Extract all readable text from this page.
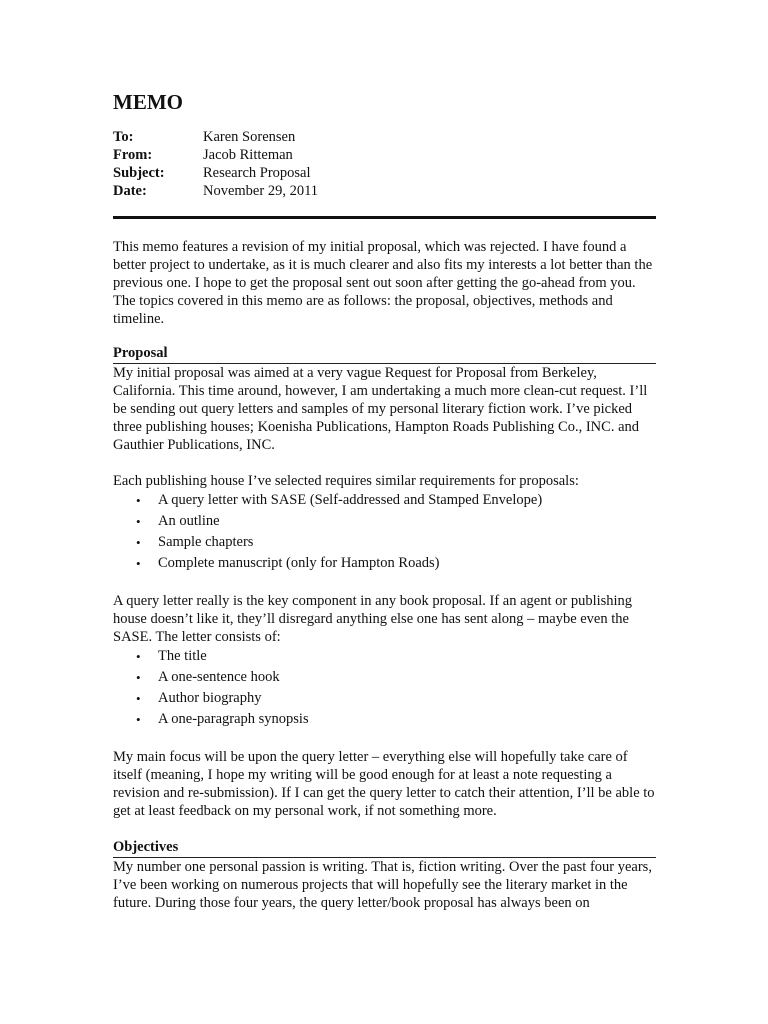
MEMO
To:	Karen Sorensen
From:	Jacob Ritteman
Subject:	Research Proposal
Date:	November 29, 2011

This memo features a revision of my initial proposal, which was rejected. I have found a better project to undertake, as it is much clearer and also fits my interests a lot better than the previous one. I hope to get the proposal sent out soon after getting the go-ahead from you. The topics covered in this memo are as follows: the proposal, objectives, methods and timeline.

Proposal

My initial proposal was aimed at a very vague Request for Proposal from Berkeley, California. This time around, however, I am undertaking a much more clean-cut request. I’ll be sending out query letters and samples of my personal literary fiction work. I’ve picked three publishing houses; Koenisha Publications, Hampton Roads Publishing Co., INC. and Gauthier Publications, INC.

Each publishing house I’ve selected requires similar requirements for proposals:

• A query letter with SASE (Self-addressed and Stamped Envelope)
• An outline
• Sample chapters
• Complete manuscript (only for Hampton Roads)

A query letter really is the key component in any book proposal. If an agent or publishing house doesn’t like it, they’ll disregard anything else one has sent along – maybe even the SASE. The letter consists of:

• The title
• A one-sentence hook
• Author biography
• A one-paragraph synopsis

My main focus will be upon the query letter – everything else will hopefully take care of itself (meaning, I hope my writing will be good enough for at least a note requesting a revision and re-submission). If I can get the query letter to catch their attention, I’ll be able to get at least feedback on my personal work, if not something more.

Objectives

My number one personal passion is writing. That is, fiction writing. Over the past four years, I’ve been working on numerous projects that will hopefully see the literary market in the future. During those four years, the query letter/book proposal has always been on
